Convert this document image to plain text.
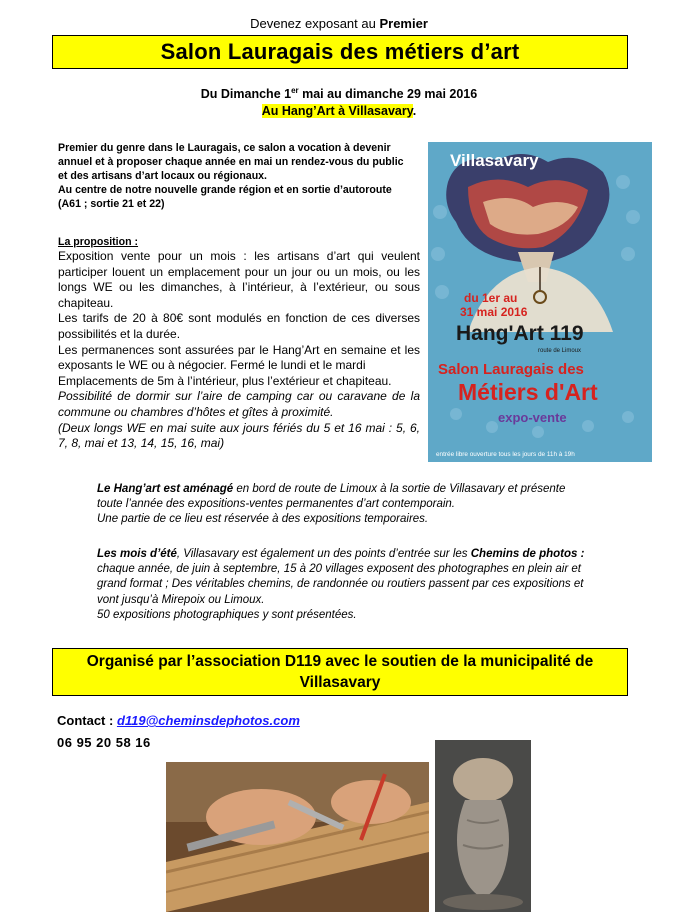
Devenez exposant au Premier
Salon Lauragais des métiers d’art
Du Dimanche 1er mai au dimanche 29 mai 2016
Au Hang’Art à Villasavary.

Premier du genre dans le Lauragais, ce salon a vocation à devenir

annuel et à proposer chaque année en mai un rendez-vous du public

et des artisans d’art locaux ou régionaux.

Au centre de notre nouvelle grande région et en sortie d’autoroute

(A61 ; sortie 21 et 22)

La proposition :

Exposition vente pour un mois : les artisans d’art qui veulent participer louent un emplacement pour un jour ou un mois, ou les longs WE ou les dimanches, à l’intérieur, à l’extérieur, ou sous chapiteau.

Les tarifs de 20 à 80€ sont modulés en fonction de ces diverses possibilités et la durée.

Les permanences sont assurées par le Hang’Art en semaine et les exposants le WE ou à négocier. Fermé le lundi et le mardi

Emplacements de 5m à l’intérieur, plus l’extérieur et chapiteau.

Possibilité de dormir sur l’aire de camping car ou caravane de la commune ou chambres d’hôtes et gîtes à proximité.

(Deux longs WE en mai suite aux jours fériés du 5 et 16 mai : 5, 6, 7, 8, mai et 13, 14, 15, 16, mai)

Villasavary
du 1er au
31 mai 2016
Hang'Art 119
route de Limoux
Salon Lauragais des
Métiers d'Art
expo-vente
entrée libre ouverture tous les jours de 11h à 19h

Le Hang’art est aménagé en bord de route de Limoux à la sortie de Villasavary et présente

toute l’année des expositions-ventes permanentes d’art contemporain.

Une partie de ce lieu est réservée à des expositions temporaires.

Les mois d’été, Villasavary est également un des points d’entrée sur les Chemins de photos :

chaque année, de juin à septembre, 15 à 20 villages exposent des photographes en plein air et

grand format ; Des véritables chemins, de randonnée ou routiers passent par ces expositions et

vont jusqu’à Mirepoix ou Limoux.

50 expositions photographiques y sont présentées.

Organisé par l’association D119 avec le soutien de la municipalité de Villasavary
Contact : d119@cheminsdephotos.com
06 95 20 58 16
